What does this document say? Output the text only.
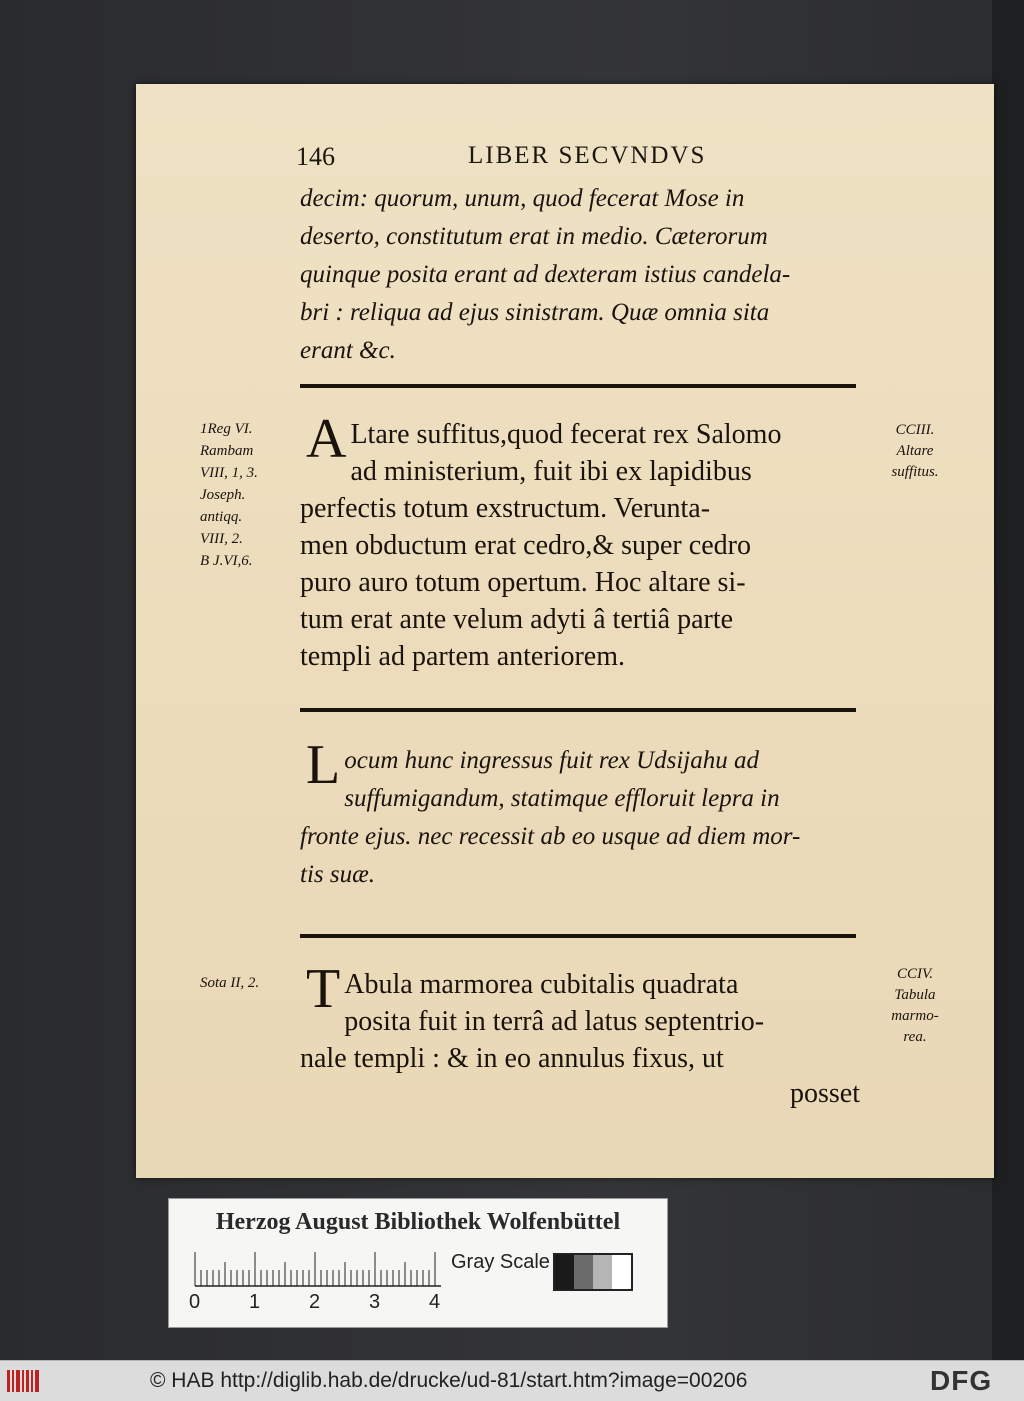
146	LIBER SECVNDVS

decim: quorum, unum, quod fecerat Mose in

deserto, constitutum erat in medio. Cæterorum

quinque posita erant ad dexteram istius candela-

bri : reliqua ad ejus sinistram. Quæ omnia sita

erant &c.

1Reg VI.
Rambam
VIII, 1, 3.
Joseph.
antiqq.
VIII, 2.
B J.VI,6.
A Ltare suffitus,quod fecerat rex Salomo

ad ministerium, fuit ibi ex lapidibus

perfectis totum exstructum. Verunta-

men obductum erat cedro,& super cedro

puro auro totum opertum. Hoc altare si-

tum erat ante velum adyti â tertiâ parte

templi ad partem anteriorem.

CCIII.
Altare
suffitus.
L ocum hunc ingressus fuit rex Udsijahu ad

suffumigandum, statimque effloruit lepra in

fronte ejus. nec recessit ab eo usque ad diem mor-

tis suæ.

Sota II, 2. T Abula marmorea cubitalis quadrata

posita fuit in terrâ ad latus septentrio-

nale templi : & in eo annulus fixus, ut

CCIV.
Tabula
marmo-
rea.
posset
Herzog August Bibliothek Wolfenbüttel
0 1 2 3 4
Gray Scale
© HAB http://diglib.hab.de/drucke/ud-81/start.htm?image=00206	DFG
